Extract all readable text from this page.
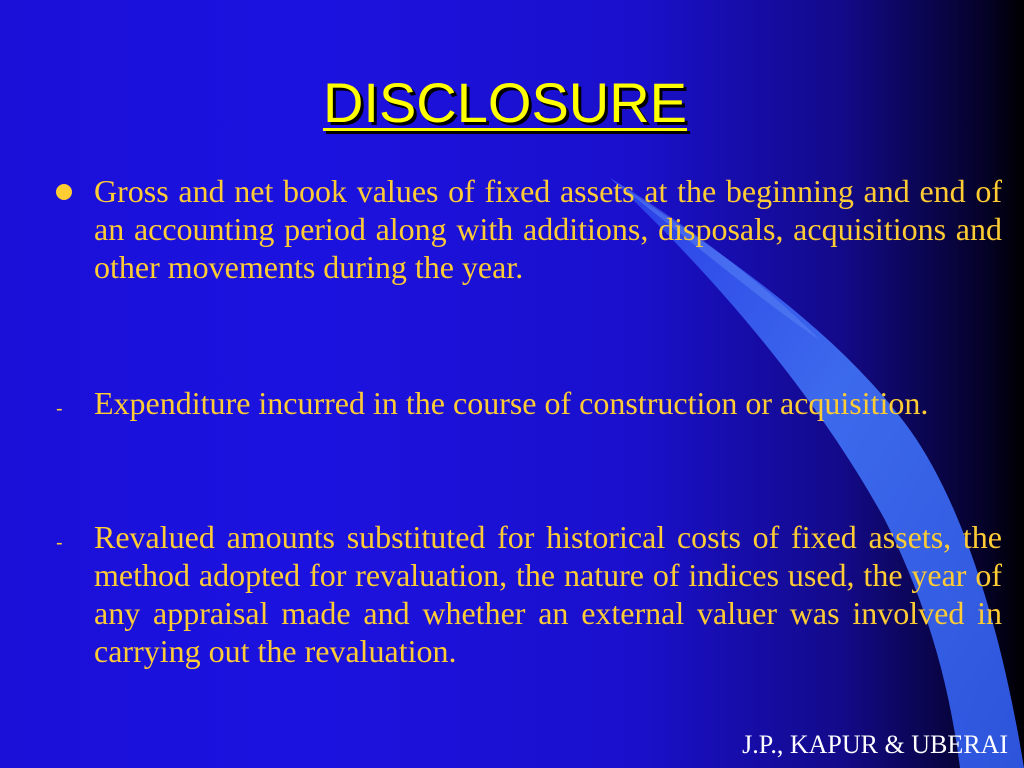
DISCLOSURE
Gross and net book values of fixed assets at the beginning and end of an accounting period along with additions, disposals, acquisitions and other movements during the year.
- Expenditure incurred in the course of construction or acquisition.
- Revalued amounts substituted for historical costs of fixed assets, the method adopted for revaluation, the nature of indices used, the year of any appraisal made and whether an external valuer was involved in carrying out the revaluation.
J.P., KAPUR & UBERAI
